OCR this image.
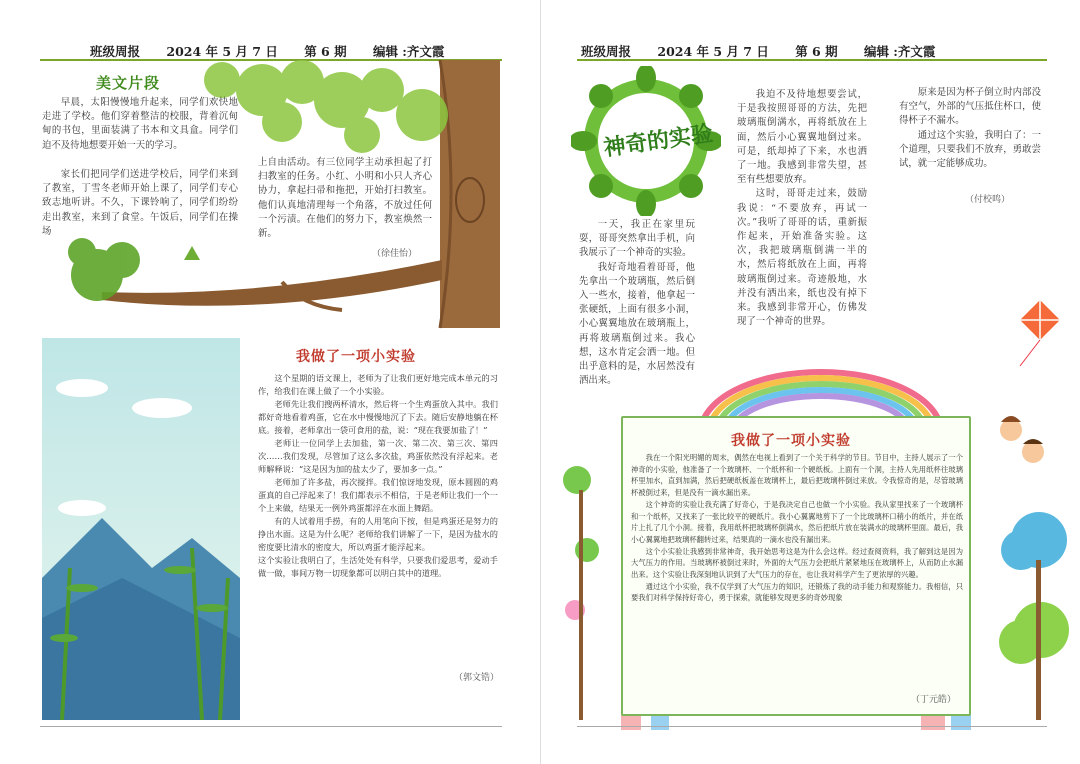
班级周报 2024 年 5 月 7 日 第 6 期 编辑 :齐文霞
美文片段
早晨，太阳慢慢地升起来，同学们欢快地走进了学校。他们穿着整洁的校服，背着沉甸甸的书包，里面装满了书本和文具盒。同学们迫不及待地想要开始一天的学习。
家长们把同学们送进学校后，同学们来到了教室，丁雪冬老师开始上课了，同学们专心致志地听讲。不久，下课铃响了，同学们纷纷走出教室，来到了食堂。午饭后，同学们在操场
上自由活动。有三位同学主动承担起了打扫教室的任务。小红、小明和小只人齐心协力，拿起扫帚和拖把，开始打扫教室。他们认真地清理每一个角落，不放过任何一个污渍。在他们的努力下，教室焕然一新。
（徐佳怡）
我做了一项小实验
这个星期的语文课上，老师为了让我们更好地完成本单元的习作，给我们在课上做了一个小实验。
老师先让我们搜两杯清水，然后将一个生鸡蛋放入其中。我们都好奇地看着鸡蛋，它在水中慢慢地沉了下去。随后安静地躺在杯底。接着，老师拿出一袋可食用的盐，说：“现在我要加盐了！”
老师让一位同学上去加盐，第一次、第二次、第三次、第四次……我们发现，尽管加了这么多次盐，鸡蛋依然没有浮起来。老师解释说：“这是因为加的盐太少了，要加多一点。”
老师加了许多盐，再次搅拌。我们惊讶地发现，原本圆圆的鸡蛋真的自己浮起来了！我们都表示不相信，于是老师让我们一个一个上来做，结果无一例外鸡蛋都浮在水面上舞蹈。
有的人试着用手捞，有的人用笔向下按，但是鸡蛋还是努力的挣出水面。这是为什么呢？老师给我们讲解了一下，是因为盐水的密度要比清水的密度大，所以鸡蛋才能浮起来。
这个实验让我明白了，生活处处有科学，只要我们爱思考，爱动手做一做，事间万物一切现象都可以明白其中的道理。
（郭文锆）
班级周报 2024 年 5 月 7 日 第 6 期 编辑 :齐文霞
神奇的实验
一天，我正在家里玩耍，哥哥突然拿出手机，向我展示了一个神奇的实验。
我好奇地看着哥哥，他先拿出一个玻璃瓶，然后倒入一些水，接着，他拿起一张硬纸，上面有很多小洞，小心翼翼地放在玻璃瓶上，再将玻璃瓶倒过来。我心想，这水肯定会洒一地。但出乎意料的是，水居然没有洒出来。
我迫不及待地想要尝试，于是我按照哥哥的方法，先把玻璃瓶倒满水，再将纸放在上面，然后小心翼翼地倒过来。可是，纸却掉了下来，水也洒了一地。我感到非常失望，甚至有些想要放弃。
这时，哥哥走过来，鼓励我说：“不要放弃，再试一次。”我听了哥哥的话，重新振作起来，开始准备实验。这次，我把玻璃瓶倒满一半的水，然后将纸放在上面，再将玻璃瓶倒过来。奇迹般地，水并没有洒出来，纸也没有掉下来。我感到非常开心，仿佛发现了一个神奇的世界。
原来是因为杯子倒立时内部没有空气，外部的气压抵住杯口，使得杯子不漏水。
通过这个实验，我明白了：一个道理，只要我们不放弃，勇敢尝试，就一定能够成功。
（付校鸣）
我做了一项小实验
我在一个阳光明媚的周末，偶然在电视上看到了一个关于科学的节目。节目中，主持人展示了一个神奇的小实验，他准备了一个玻璃杯、一个纸杯和一个硬纸板。上面有一个洞，主持人先用纸杯往玻璃杯里加水，直到加满，然后把硬纸板盖在玻璃杯上，最后把玻璃杯倒过来放。令我惊奇的是，尽管玻璃杯被倒过来，但是没有一滴水漏出来。
这个神奇的实验让我充满了好奇心，于是我决定自己也做一个小实验。我从家里找来了一个玻璃杯和一个纸杯，又找来了一张比较平的硬纸片。我小心翼翼地剪下了一个比玻璃杯口稍小的纸片，并在纸片上扎了几个小洞。接着，我用纸杯把玻璃杯倒满水，然后把纸片放在装满水的玻璃杯里面。最后，我小心翼翼地把玻璃杯翻转过来，结果真的一滴水也没有漏出来。
这个小实验让我感到非常神奇，我开始思考这是为什么会这样。经过查阅资料，我了解到这是因为大气压力的作用。当玻璃杯被倒过来时，外面的大气压力会把纸片紧紧地压在玻璃杯上，从而防止水漏出来。这个实验让我深刻地认识到了大气压力的存在，也让我对科学产生了更浓厚的兴趣。
通过这个小实验，我不仅学到了大气压力的知识，还锻炼了我的动手能力和观察能力。我相信，只要我们对科学保持好奇心，勇于探索，就能够发现更多的奇妙现象
（丁元皓）
